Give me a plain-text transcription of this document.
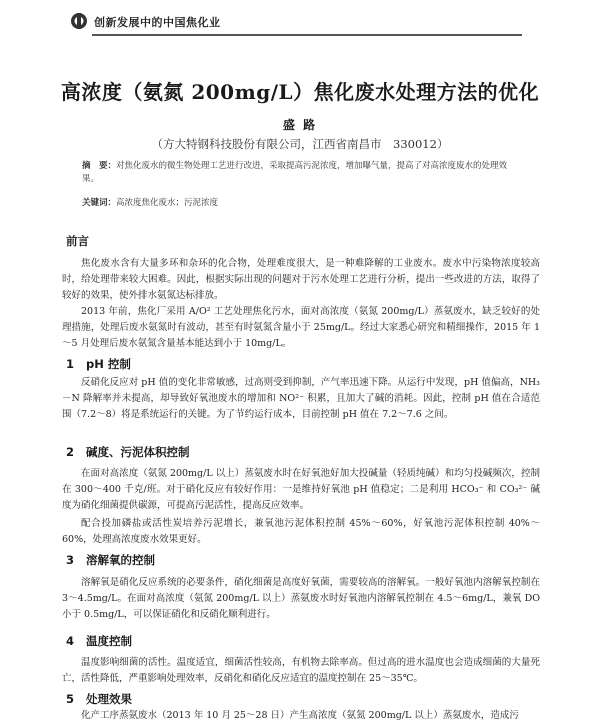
创新发展中的中国焦化业
高浓度（氨氮 200mg/L）焦化废水处理方法的优化
盛 路
（方大特钢科技股份有限公司，江西省南昌市　330012）
摘　要：对焦化废水的微生物处理工艺进行改进，采取提高污泥浓度，增加曝气量，提高了对高浓度废水的处理效果。
关键词：高浓度焦化废水；污泥浓度
前言
焦化废水含有大量多环和杂环的化合物，处理难度很大，是一种难降解的工业废水。废水中污染物浓度较高时，给处理带来较大困难。因此，根据实际出现的问题对于污水处理工艺进行分析，提出一些改进的方法，取得了较好的效果，使外排水氨氮达标排放。
2013 年前，焦化厂采用 A/O² 工艺处理焦化污水，面对高浓度（氨氮 200mg/L）蒸氨废水，缺乏较好的处理措施，处理后废水氨氮时有波动，甚至有时氨氮含量小于 25mg/L。经过大家悉心研究和精细操作，2015 年 1～5 月处理后废水氨氮含量基本能达到小于 10mg/L。
1 pH 控制
反硝化反应对 pH 值的变化非常敏感，过高则受到抑制，产气率迅速下降。从运行中发现，pH 值偏高，NH₃－N 降解率并未提高，却导致好氧池废水的增加和 NO²⁻ 积累，且加大了碱的消耗。因此，控制 pH 值在合适范围（7.2～8）将是系统运行的关键。为了节约运行成本，目前控制 pH 值在 7.2～7.6 之间。
2 碱度、污泥体积控制
在面对高浓度（氨氮 200mg/L 以上）蒸氨废水时在好氧池好加大投碱量（轻质纯碱）和均匀投碱频次，控制在 300～400 千克/班。对于硝化反应有较好作用：一是维持好氧池 pH 值稳定；二是利用 HCO₃⁻ 和 CO₃²⁻ 碱度为硝化细菌提供碳源，可提高污泥活性，提高反应效率。
配合投加磷盐或活性炭培养污泥增长，兼氧池污泥体积控制 45%～60%，好氧池污泥体积控制 40%～60%，处理高浓度废水效果更好。
3 溶解氧的控制
溶解氧是硝化反应系统的必要条件，硝化细菌是高度好氧菌，需要较高的溶解氧。一般好氧池内溶解氧控制在 3～4.5mg/L。在面对高浓度（氨氮 200mg/L 以上）蒸氨废水时好氧池内溶解氧控制在 4.5～6mg/L，兼氧 DO 小于 0.5mg/L，可以保证硝化和反硝化顺利进行。
4 温度控制
温度影响细菌的活性。温度适宜，细菌活性较高，有机物去除率高。但过高的进水温度也会造成细菌的大量死亡，活性降低，严重影响处理效率，反硝化和硝化反应适宜的温度控制在 25～35℃。
5 处理效果
化产工序蒸氨废水（2013 年 10 月 25～28 日）产生高浓度（氨氮 200mg/L 以上）蒸氨废水，造成污
